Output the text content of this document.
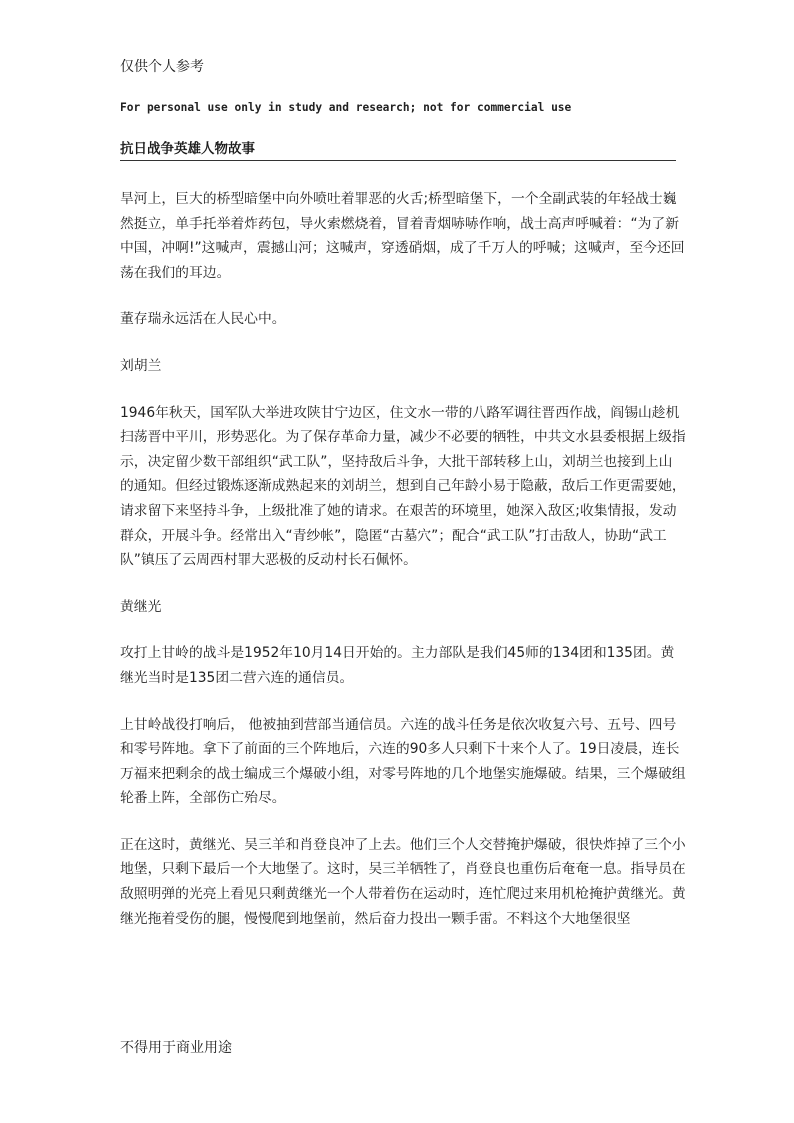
仅供个人参考
For personal use only in study and research; not for commercial use
抗日战争英雄人物故事

旱河上，巨大的桥型暗堡中向外喷吐着罪恶的火舌;桥型暗堡下，一个全副武装的年轻战士巍然挺立，单手托举着炸药包，导火索燃烧着，冒着青烟哧哧作响，战士高声呼喊着：“为了新中国，冲啊!”这喊声，震撼山河；这喊声，穿透硝烟，成了千万人的呼喊；这喊声，至今还回荡在我们的耳边。

董存瑞永远活在人民心中。

刘胡兰

1946年秋天，国军队大举进攻陕甘宁边区，住文水一带的八路军调往晋西作战，阎锡山趁机扫荡晋中平川，形势恶化。为了保存革命力量，减少不必要的牺牲，中共文水县委根据上级指示，决定留少数干部组织“武工队”，坚持敌后斗争，大批干部转移上山，刘胡兰也接到上山的通知。但经过锻炼逐渐成熟起来的刘胡兰，想到自己年龄小易于隐蔽，敌后工作更需要她，请求留下来坚持斗争，上级批准了她的请求。在艰苦的环境里，她深入敌区;收集情报，发动群众，开展斗争。经常出入“青纱帐”，隐匿“古墓穴”；配合“武工队”打击敌人，协助“武工队”镇压了云周西村罪大恶极的反动村长石佩怀。

黄继光

攻打上甘岭的战斗是1952年10月14日开始的。主力部队是我们45师的134团和135团。黄继光当时是135团二营六连的通信员。

上甘岭战役打响后， 他被抽到营部当通信员。六连的战斗任务是依次收复六号、五号、四号和零号阵地。拿下了前面的三个阵地后，六连的90多人只剩下十来个人了。19日凌晨，连长万福来把剩余的战士编成三个爆破小组，对零号阵地的几个地堡实施爆破。结果，三个爆破组轮番上阵，全部伤亡殆尽。

正在这时，黄继光、吴三羊和肖登良冲了上去。他们三个人交替掩护爆破，很快炸掉了三个小地堡，只剩下最后一个大地堡了。这时，吴三羊牺牲了，肖登良也重伤后奄奄一息。指导员在敌照明弹的光亮上看见只剩黄继光一个人带着伤在运动时，连忙爬过来用机枪掩护黄继光。黄继光拖着受伤的腿，慢慢爬到地堡前，然后奋力投出一颗手雷。不料这个大地堡很坚

不得用于商业用途
